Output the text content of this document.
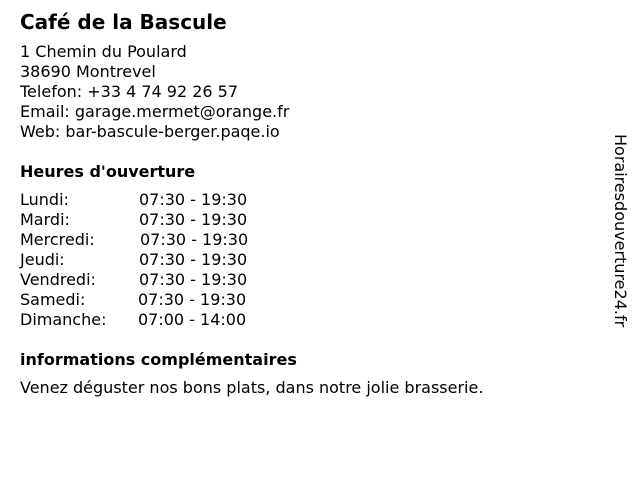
Café de la Bascule
1 Chemin du Poulard
38690 Montrevel
Telefon: +33 4 74 92 26 57
Email: garage.mermet@orange.fr
Web: bar-bascule-berger.paqe.io
Heures d'ouverture
Lundi:	07:30 - 19:30
Mardi:	07:30 - 19:30
Mercredi:	07:30 - 19:30
Jeudi:	07:30 - 19:30
Vendredi:	07:30 - 19:30
Samedi:	07:30 - 19:30
Dimanche: 07:00 - 14:00
informations complémentaires
Venez déguster nos bons plats, dans notre jolie brasserie.
Horairesdouverture24.fr
